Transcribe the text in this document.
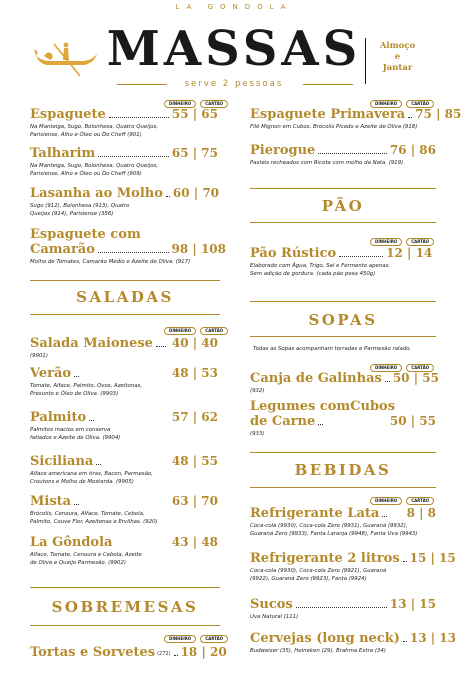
LA GONDOLA
MASSAS
serve 2 pessoas
Almoço
e
Jantar
DINHEIRO	CARTÃO
Espaguete	55 | 65
Na Manteiga, Sugo, Bolonhesa, Quatro Queijos,
Parisiense, Alho e Óleo ou Do Cheff (901)
Talharim	65 | 75
Na Manteiga, Sugo, Bolonhesa, Quatro Queijos,
Parisiense, Alho e Óleo ou Do Cheff (909)
Lasanha ao Molho 60 | 70
Sugo (912), Bolonhesa (913), Quatro
Queijos (914), Parisiense (356)
Espaguete com
Camarão	98 | 108
Molho de Tomates, Camarão Médio e Azeite de Oliva. (917)
SALADAS
DINHEIRO	CARTÃO
Salada Maionese 40 | 40
(9901)
Verão	48 | 53
Tomate, Alface, Palmito, Ovos, Azeitonas,
Presunto e Óleo de Oliva. (9903)
Palmito	57 | 62
Palmitos macios em conserva
fatiados e Azeite de Oliva. (9904)
Siciliana	48 | 55
Alface americana em tiras, Bacon, Parmesão,
Croutons e Molho de Mostarda. (9905)
Mista	63 | 70
Brócolis, Cenoura, Alface, Tomate, Cebola,
Palmito, Couve Flor, Azeitonas e Ervilhas. (920)
La Gôndola	43 | 48
Alface, Tomate, Cenoura e Cebola, Azeite
de Oliva e Queijo Parmesão. (9902)
SOBREMESAS
DINHEIRO	CARTÃO
Tortas e Sorvetes (272) 18 | 20
DINHEIRO	CARTÃO
Espaguete Primavera 75 | 85
Filé Mignon em Cubos, Brócolis Picado e Azeite de Oliva (918)
Pierogue	76 | 86
Pastéis recheados com Ricota com molho da Nata. (919)
PÃO
DINHEIRO	CARTÃO
Pão Rústico	12 | 14
Elaborado com Água, Trigo, Sal e Fermento apenas.
Sem adição de gordura. (cada pão pesa 450g)
SOPAS
Todas as Sopas acompanham torradas e Parmesão ralado.
DINHEIRO	CARTÃO
Canja de Galinhas 50 | 55
(932)
Legumes comCubos
de Carne	50 | 55
(933)
BEBIDAS
DINHEIRO	CARTÃO
Refrigerante Lata 8 | 8
Coca-cola (9930), Coca-cola Zero (9931), Guaraná (9932),
Guaraná Zero (9933), Fanta Laranja (9948), Fanta Uva (9943)
Refrigerante 2 litros 15 | 15
Coca-cola (9930), Coca-cola Zero (9921), Guaraná
(9922), Guaraná Zero (9923), Fanta (9924)
Sucos	13 | 15
Uva Natural (111)
Cervejas (long neck) 13 | 13
Budweiser (35), Heineken (29), Brahma Extra (34)
